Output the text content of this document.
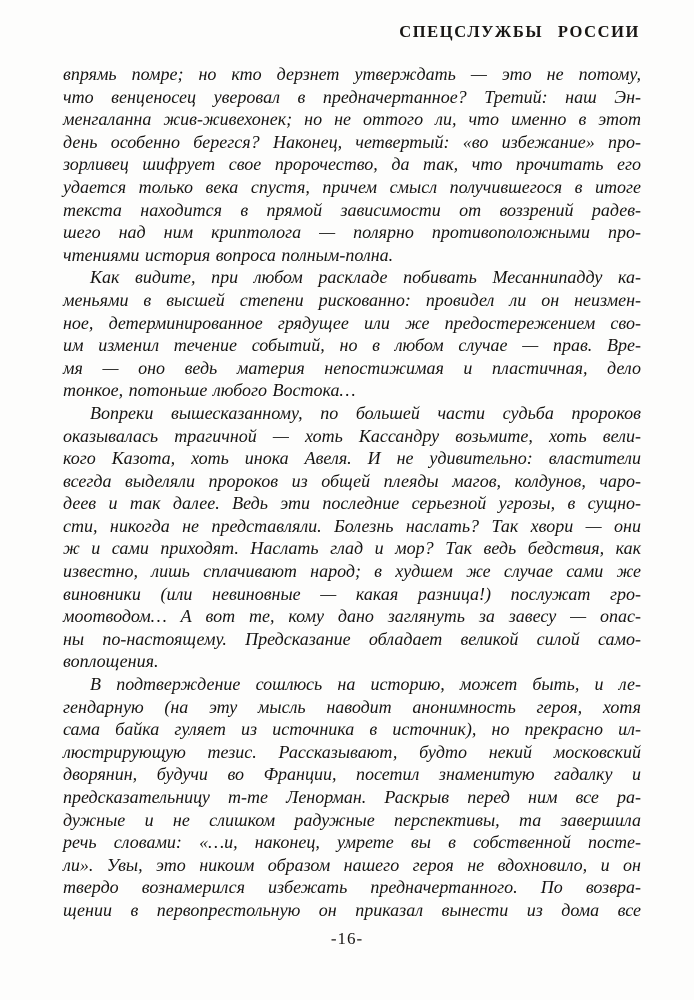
СПЕЦСЛУЖБЫ РОССИИ
впрямь помре; но кто дерзнет утверждать — это не потому,
что венценосец уверовал в предначертанное? Третий: наш Эн-
менгаланна жив-живехонек; но не оттого ли, что именно в этот
день особенно берегся? Наконец, четвертый: «во избежание» про-
зорливец шифрует свое пророчество, да так, что прочитать его
удается только века спустя, причем смысл получившегося в итоге
текста находится в прямой зависимости от воззрений радев-
шего над ним криптолога — полярно противоположными про-
чтениями история вопроса полным-полна.
Как видите, при любом раскладе побивать Месаннипадду ка-
меньями в высшей степени рискованно: провидел ли он неизмен-
ное, детерминированное грядущее или же предостережением сво-
им изменил течение событий, но в любом случае — прав. Вре-
мя — оно ведь материя непостижимая и пластичная, дело
тонкое, потоньше любого Востока…
Вопреки вышесказанному, по большей части судьба пророков
оказывалась трагичной — хоть Кассандру возьмите, хоть вели-
кого Казота, хоть инока Авеля. И не удивительно: властители
всегда выделяли пророков из общей плеяды магов, колдунов, чаро-
деев и так далее. Ведь эти последние серьезной угрозы, в сущно-
сти, никогда не представляли. Болезнь наслать? Так хвори — они
ж и сами приходят. Наслать глад и мор? Так ведь бедствия, как
известно, лишь сплачивают народ; в худшем же случае сами же
виновники (или невиновные — какая разница!) послужат гро-
моотводом… А вот те, кому дано заглянуть за завесу — опас-
ны по-настоящему. Предсказание обладает великой силой само-
воплощения.
В подтверждение сошлюсь на историю, может быть, и ле-
гендарную (на эту мысль наводит анонимность героя, хотя
сама байка гуляет из источника в источник), но прекрасно ил-
люстрирующую тезис. Рассказывают, будто некий московский
дворянин, будучи во Франции, посетил знаменитую гадалку и
предсказательницу m-me Ленорман. Раскрыв перед ним все ра-
дужные и не слишком радужные перспективы, та завершила
речь словами: «…и, наконец, умрете вы в собственной посте-
ли». Увы, это никоим образом нашего героя не вдохновило, и он
твердо вознамерился избежать предначертанного. По возвра-
щении в первопрестольную он приказал вынести из дома все
-16-
